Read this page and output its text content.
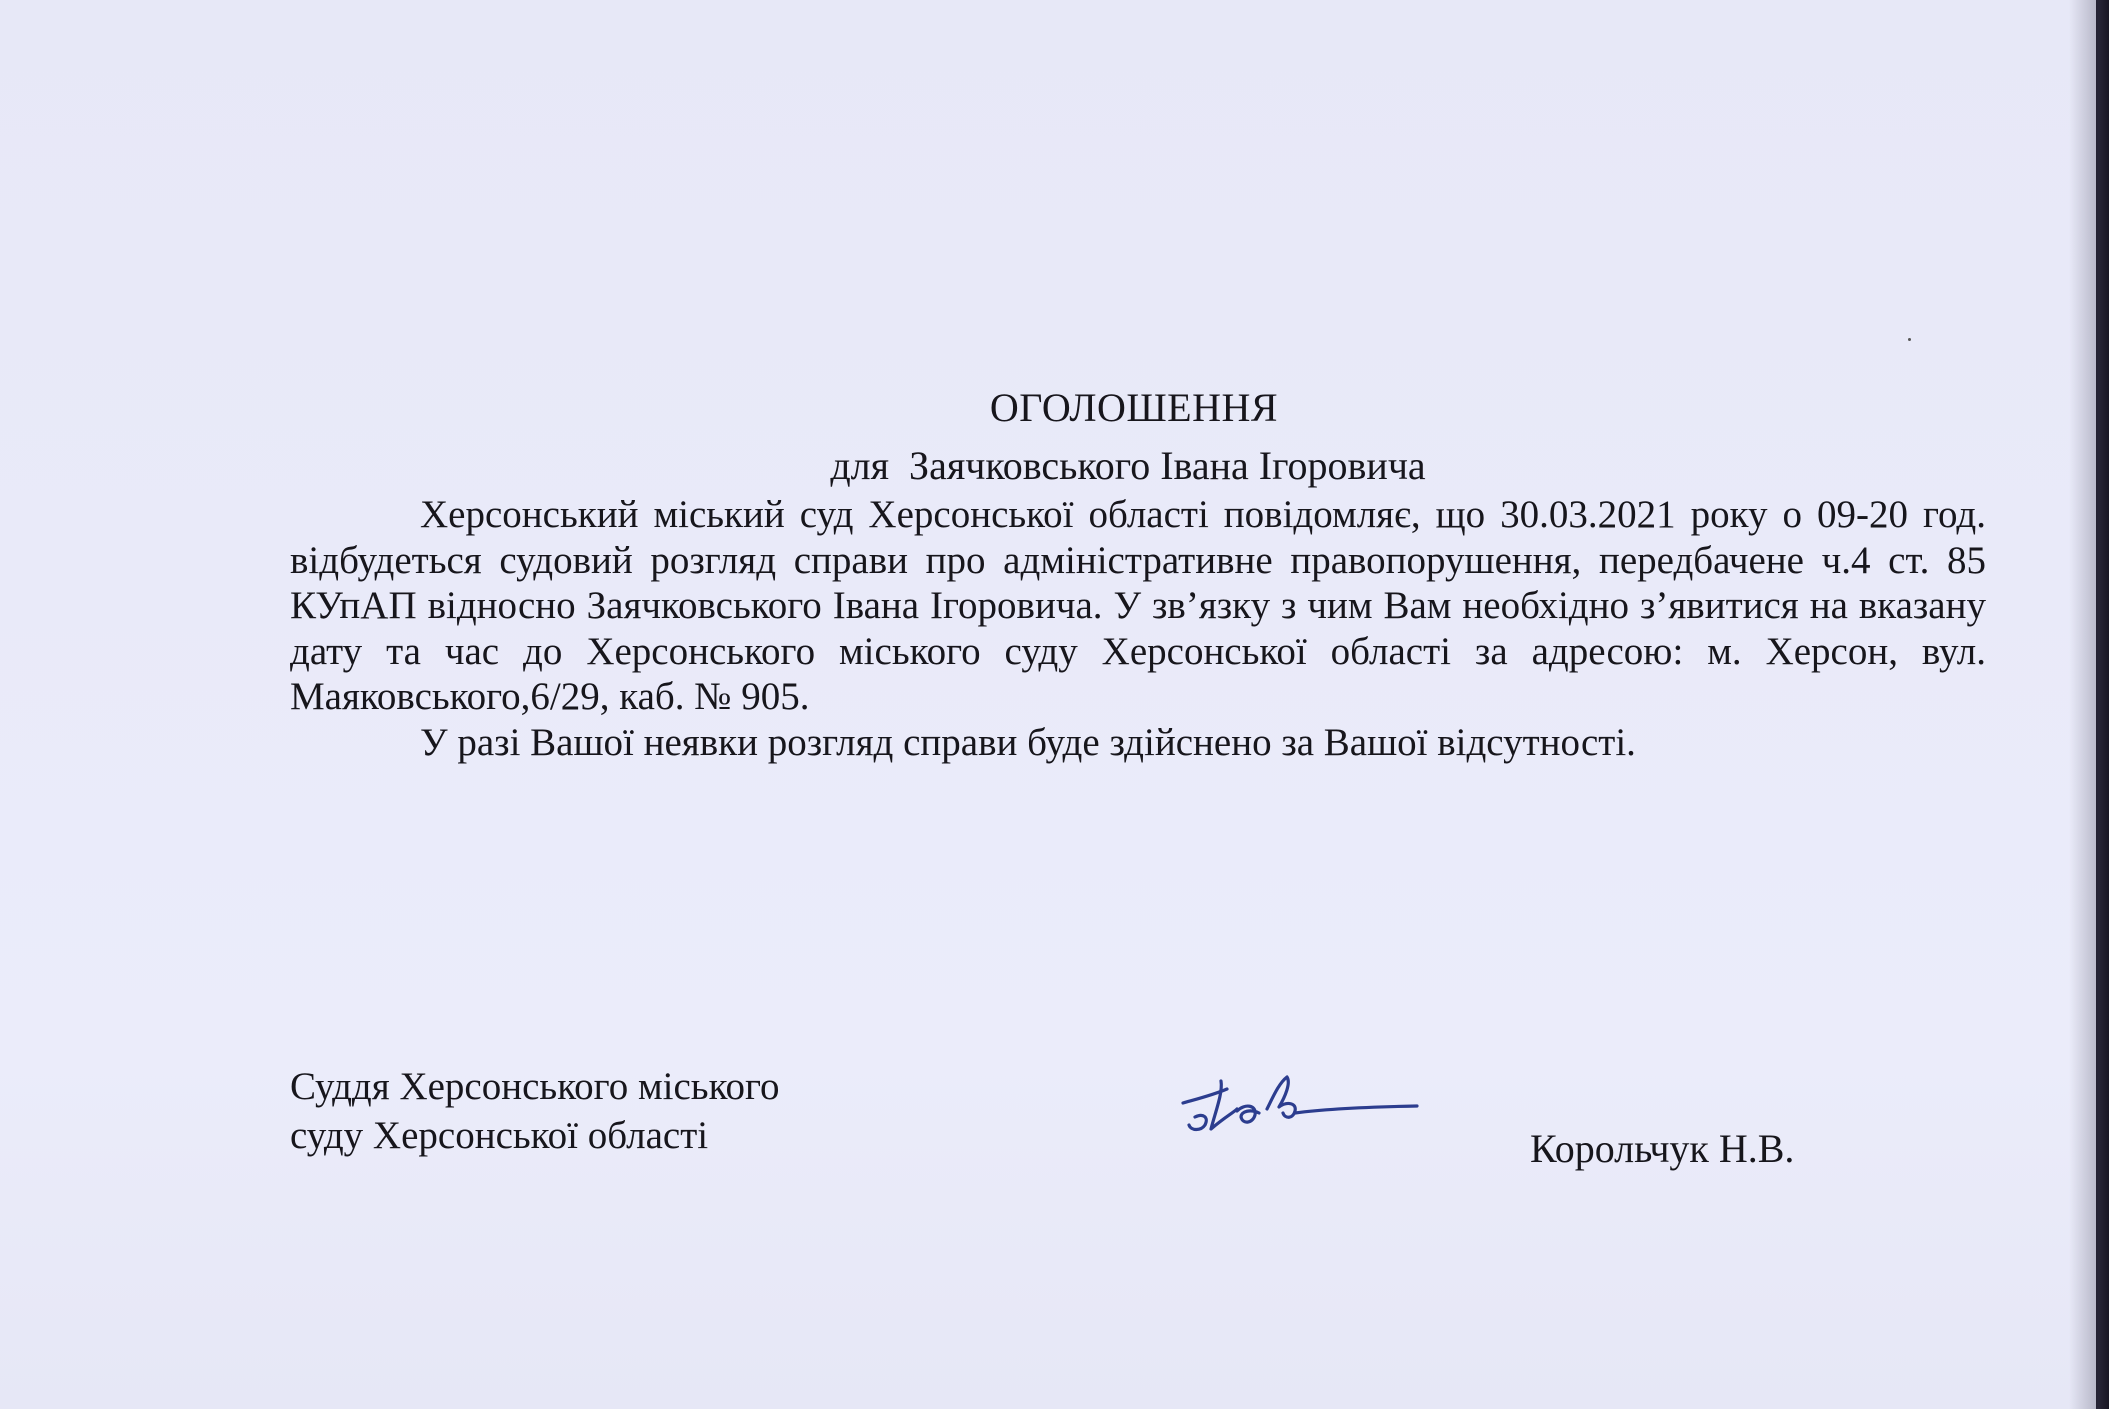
ОГОЛОШЕННЯ
для  Заячковського Івана Ігоровича

Херсонський міський суд Херсонської області повідомляє, що 30.03.2021 року о 09-20 год. відбудеться судовий розгляд справи про адміністративне правопорушення, передбачене ч.4 ст. 85 КУпАП відносно Заячковського Івана Ігоровича. У зв’язку з чим Вам необхідно з’явитися на вказану дату та час до Херсонського міського суду Херсонської області за адресою: м. Херсон, вул. Маяковського,6/29, каб. № 905.

У разі Вашої неявки розгляд справи буде здійснено за Вашої відсутності.

Суддя Херсонського міського
суду Херсонської області	Корольчук Н.В.
